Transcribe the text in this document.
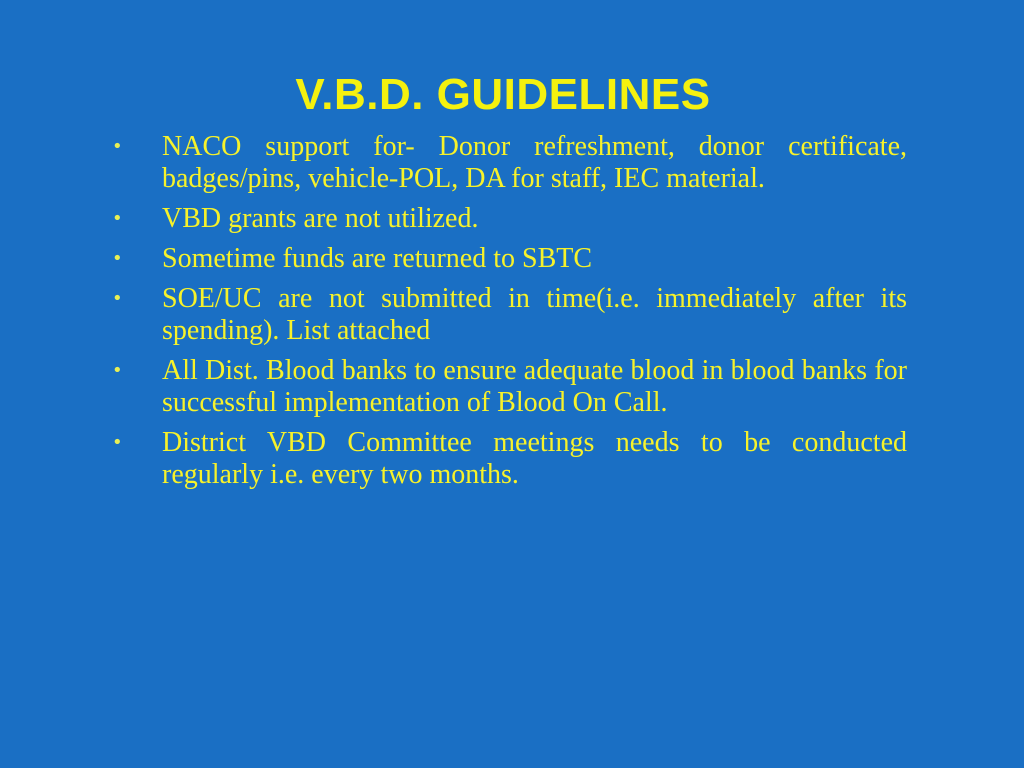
V.B.D. GUIDELINES
•	NACO support for- Donor refreshment, donor certificate, badges/pins, vehicle-POL, DA for staff, IEC material.
•	VBD grants are not utilized.
•	Sometime funds are returned to SBTC
•	SOE/UC are not submitted in time(i.e. immediately after its spending). List attached
•	All Dist. Blood banks to ensure adequate blood in blood banks for successful implementation of Blood On Call.
•	District VBD Committee meetings needs to be conducted regularly i.e. every two months.
